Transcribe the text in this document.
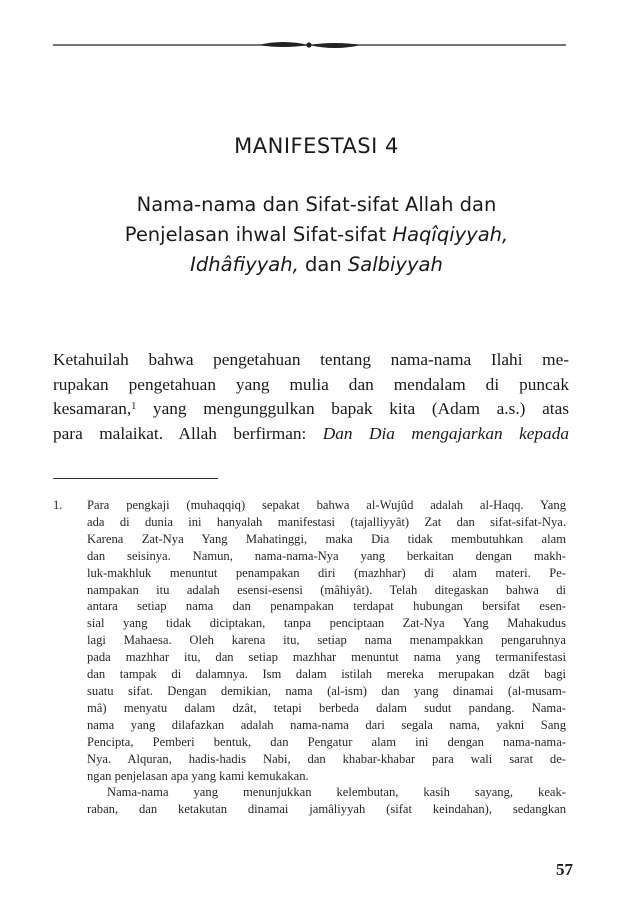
MANIFESTASI 4
Nama-nama dan Sifat-sifat Allah dan
Penjelasan ihwal Sifat-sifat Haqîqiyyah,
Idhâfiyyah, dan Salbiyyah
Ketahuilah bahwa pengetahuan tentang nama-nama Ilahi me-
rupakan pengetahuan yang mulia dan mendalam di puncak
kesamaran,$^1$ yang mengunggulkan bapak kita (Adam a.s.) atas
para malaikat. Allah berfirman: Dan Dia mengajarkan kepada
1. Para pengkaji (muhaqqiq) sepakat bahwa al-Wujûd adalah al-Haqq. Yang
ada di dunia ini hanyalah manifestasi (tajalliyyât) Zat dan sifat-sifat-Nya.
Karena Zat-Nya Yang Mahatinggi, maka Dia tidak membutuhkan alam
dan seisinya. Namun, nama-nama-Nya yang berkaitan dengan makh-
luk-makhluk menuntut penampakan diri (mazhhar) di alam materi. Pe-
nampakan itu adalah esensi-esensi (mâhiyât). Telah ditegaskan bahwa di
antara setiap nama dan penampakan terdapat hubungan bersifat esen-
sial yang tidak diciptakan, tanpa penciptaan Zat-Nya Yang Mahakudus
lagi Mahaesa. Oleh karena itu, setiap nama menampakkan pengaruhnya
pada mazhhar itu, dan setiap mazhhar menuntut nama yang termanifestasi
dan tampak di dalamnya. Ism dalam istilah mereka merupakan dzât bagi
suatu sifat. Dengan demikian, nama (al-ism) dan yang dinamai (al-musam-
mâ) menyatu dalam dzât, tetapi berbeda dalam sudut pandang. Nama-
nama yang dilafazkan adalah nama-nama dari segala nama, yakni Sang
Pencipta, Pemberi bentuk, dan Pengatur alam ini dengan nama-nama-
Nya. Alquran, hadis-hadis Nabi, dan khabar-khabar para wali sarat de-
ngan penjelasan apa yang kami kemukakan.
Nama-nama yang menunjukkan kelembutan, kasih sayang, keak-
raban, dan ketakutan dinamai jamâliyyah (sifat keindahan), sedangkan
57
